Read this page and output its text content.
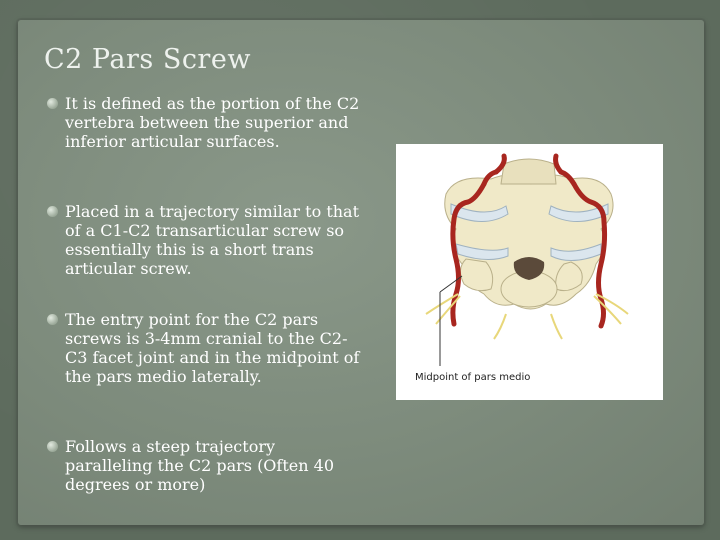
C2 Pars Screw
It is defined as the portion of the C2 vertebra between the superior and inferior articular surfaces.
Placed in a trajectory similar to that of a C1-C2 transarticular screw so essentially this is a short trans articular screw.
The entry point for the C2 pars screws is 3-4mm cranial to the C2-C3 facet joint and in the midpoint of the pars medio laterally.
Follows a steep trajectory paralleling the C2 pars (Often 40 degrees or more)
Midpoint of pars medio
